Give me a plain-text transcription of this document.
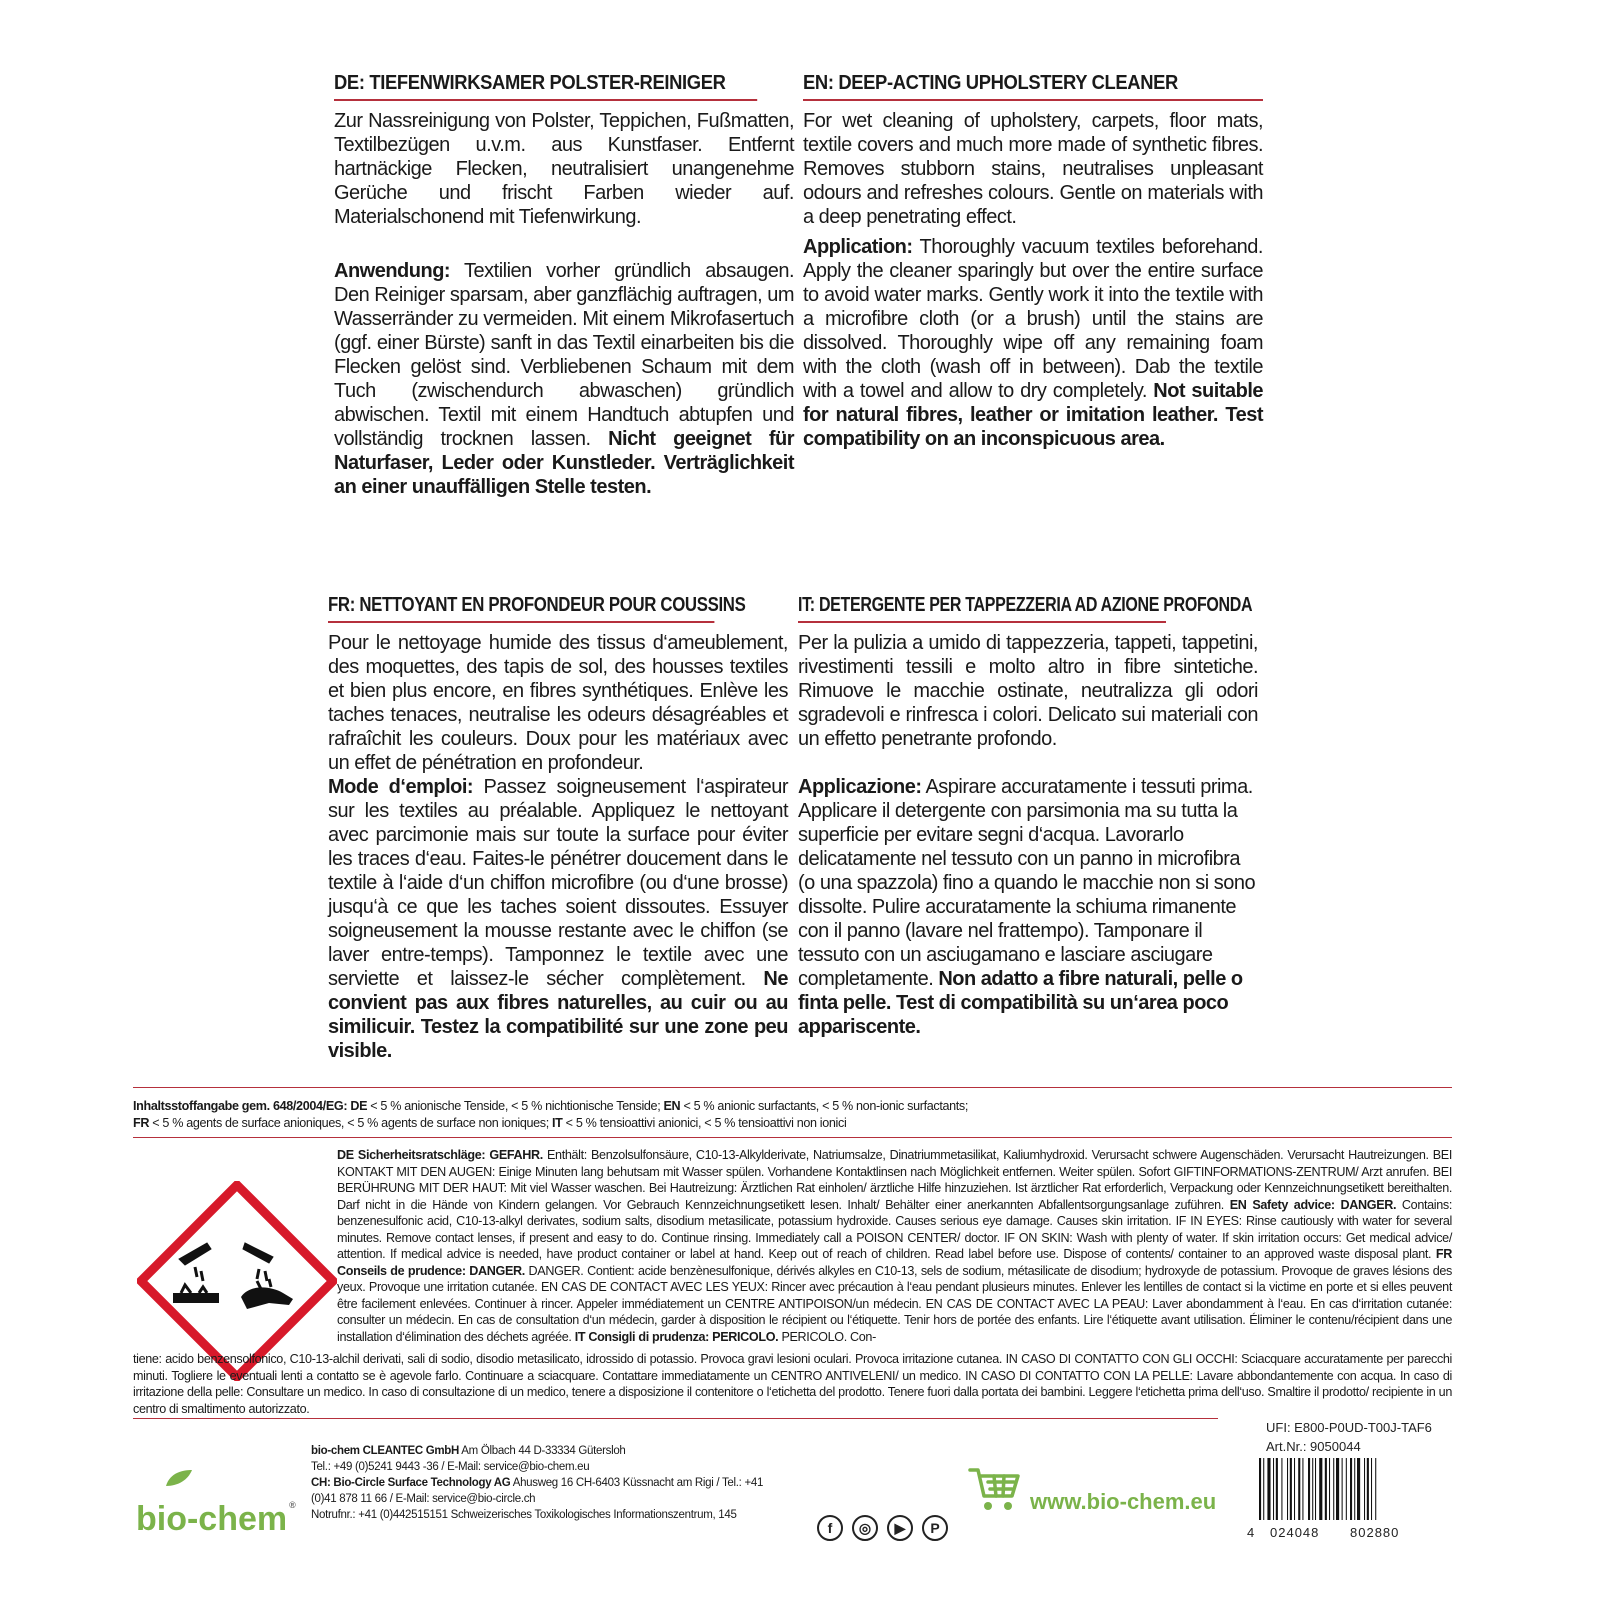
DE: TIEFENWIRKSAMER POLSTER-REINIGER

Zur Nassreinigung von Polster, Teppichen, Fußmatten, Textilbezügen u.v.m. aus Kunstfaser. Entfernt hartnäckige Flecken, neutralisiert unangenehme Gerüche und frischt Farben wieder auf. Materialschonend mit Tiefenwirkung.

Anwendung: Textilien vorher gründlich absaugen. Den Reiniger sparsam, aber ganzflächig auftragen, um Wasserränder zu vermeiden. Mit einem Mikrofasertuch (ggf. einer Bürste) sanft in das Textil einarbeiten bis die Flecken gelöst sind. Verbliebenen Schaum mit dem Tuch (zwischendurch abwaschen) gründlich abwischen. Textil mit einem Handtuch abtupfen und vollständig trocknen lassen. Nicht geeignet für Naturfaser, Leder oder Kunstleder. Verträglichkeit an einer unauffälligen Stelle testen.

EN: DEEP-ACTING UPHOLSTERY CLEANER

For wet cleaning of upholstery, carpets, floor mats, textile covers and much more made of synthetic fibres. Removes stubborn stains, neutralises unpleasant odours and refreshes colours. Gentle on materials with a deep penetrating effect.

Application: Thoroughly vacuum textiles beforehand. Apply the cleaner sparingly but over the entire surface to avoid water marks. Gently work it into the textile with a microfibre cloth (or a brush) until the stains are dissolved. Thoroughly wipe off any remaining foam with the cloth (wash off in between). Dab the textile with a towel and allow to dry completely. Not suitable for natural fibres, leather or imitation leather. Test compatibility on an inconspicuous area.

FR: NETTOYANT EN PROFONDEUR POUR COUSSINS

Pour le nettoyage humide des tissus d‘ameublement, des moquettes, des tapis de sol, des housses textiles et bien plus encore, en fibres synthétiques. Enlève les taches tenaces, neutralise les odeurs désagréables et rafraîchit les couleurs. Doux pour les matériaux avec un effet de pénétration en profondeur.

Mode d‘emploi: Passez soigneusement l‘aspirateur sur les textiles au préalable. Appliquez le nettoyant avec parcimonie mais sur toute la surface pour éviter les traces d‘eau. Faites-le pénétrer doucement dans le textile à l‘aide d‘un chiffon microfibre (ou d‘une brosse) jusqu‘à ce que les taches soient dissoutes. Essuyer soigneusement la mousse restante avec le chiffon (se laver entre-temps). Tamponnez le textile avec une serviette et laissez-le sécher complètement. Ne convient pas aux fibres naturelles, au cuir ou au similicuir. Testez la compatibilité sur une zone peu visible.

IT: DETERGENTE PER TAPPEZZERIA AD AZIONE PROFONDA

Per la pulizia a umido di tappezzeria, tappeti, tappetini, rivestimenti tessili e molto altro in fibre sintetiche. Rimuove le macchie ostinate, neutralizza gli odori sgradevoli e rinfresca i colori. Delicato sui materiali con un effetto penetrante profondo.

Applicazione: Aspirare accuratamente i tessuti prima. Applicare il detergente con parsimonia ma su tutta la superficie per evitare segni d‘acqua. Lavorarlo delicatamente nel tessuto con un panno in microfibra (o una spazzola) fino a quando le macchie non si sono dissolte. Pulire accuratamente la schiuma rimanente con il panno (lavare nel frattempo). Tamponare il tessuto con un asciugamano e lasciare asciugare completamente. Non adatto a fibre naturali, pelle o finta pelle. Test di compatibilità su un‘area poco appariscente.

Inhaltsstoffangabe gem. 648/2004/EG: DE < 5 % anionische Tenside, < 5 % nichtionische Tenside; EN < 5 % anionic surfactants, < 5 % non-ionic surfactants;
FR < 5 % agents de surface anioniques, < 5 % agents de surface non ioniques; IT < 5 % tensioattivi anionici, < 5 % tensioattivi non ionici
DE Sicherheitsratschläge: GEFAHR. Enthält: Benzolsulfonsäure, C10-13-Alkylderivate, Natriumsalze, Dinatriummetasilikat, Kaliumhydroxid. Verursacht schwere Augenschäden. Verursacht Hautreizungen. BEI KONTAKT MIT DEN AUGEN: Einige Minuten lang behutsam mit Wasser spülen. Vorhandene Kontaktlinsen nach Möglichkeit entfernen. Weiter spülen. Sofort GIFTINFORMATIONS-ZENTRUM/ Arzt anrufen. BEI BERÜHRUNG MIT DER HAUT: Mit viel Wasser waschen. Bei Hautreizung: Ärztlichen Rat einholen/ ärztliche Hilfe hinzuziehen. Ist ärztlicher Rat erforderlich, Verpackung oder Kennzeichnungsetikett bereithalten. Darf nicht in die Hände von Kindern gelangen. Vor Gebrauch Kennzeichnungsetikett lesen. Inhalt/ Behälter einer anerkannten Abfallentsorgungsanlage zuführen. EN Safety advice: DANGER. Contains: benzenesulfonic acid, C10-13-alkyl derivates, sodium salts, disodium metasilicate, potassium hydroxide. Causes serious eye damage. Causes skin irritation. IF IN EYES: Rinse cautiously with water for several minutes. Remove contact lenses, if present and easy to do. Continue rinsing. Immediately call a POISON CENTER/ doctor. IF ON SKIN: Wash with plenty of water. If skin irritation occurs: Get medical advice/ attention. If medical advice is needed, have product container or label at hand. Keep out of reach of children. Read label before use. Dispose of contents/ container to an approved waste disposal plant. FR Conseils de prudence: DANGER. DANGER. Contient: acide benzènesulfonique, dérivés alkyles en C10-13, sels de sodium, métasilicate de disodium; hydroxyde de potassium. Provoque de graves lésions des yeux. Provoque une irritation cutanée. EN CAS DE CONTACT AVEC LES YEUX: Rincer avec précaution à l‘eau pendant plusieurs minutes. Enlever les lentilles de contact si la victime en porte et si elles peuvent être facilement enlevées. Continuer à rincer. Appeler immédiatement un CENTRE ANTIPOISON/un médecin. EN CAS DE CONTACT AVEC LA PEAU: Laver abondamment à l‘eau. En cas d‘irritation cutanée: consulter un médecin. En cas de consultation d‘un médecin, garder à disposition le récipient ou l‘étiquette. Tenir hors de portée des enfants. Lire l‘étiquette avant utilisation. Éliminer le contenu/récipient dans une installation d‘élimination des déchets agréée. IT Consigli di prudenza: PERICOLO. PERICOLO. Con-
tiene: acido benzensolfonico, C10-13-alchil derivati, sali di sodio, disodio metasilicato, idrossido di potassio. Provoca gravi lesioni oculari. Provoca irritazione cutanea. IN CASO DI CONTATTO CON GLI OCCHI: Sciacquare accuratamente per parecchi minuti. Togliere le eventuali lenti a contatto se è agevole farlo. Continuare a sciacquare. Contattare immediatamente un CENTRO ANTIVELENI/ un medico. IN CASO DI CONTATTO CON LA PELLE: Lavare abbondantemente con acqua. In caso di irritazione della pelle: Consultare un medico. In caso di consultazione di un medico, tenere a disposizione il contenitore o l‘etichetta del prodotto. Tenere fuori dalla portata dei bambini. Leggere l‘etichetta prima dell‘uso. Smaltire il prodotto/ recipiente in un centro di smaltimento autorizzato.
bio-chem CLEANTEC GmbH Am Ölbach 44 D-33334 Gütersloh
Tel.: +49 (0)5241 9443 -36 / E-Mail: service@bio-chem.eu
CH: Bio-Circle Surface Technology AG Ahusweg 16 CH-6403 Küssnacht am Rigi / Tel.: +41
(0)41 878 11 66 / E-Mail: service@bio-circle.ch
Notrufnr.: +41 (0)442515151 Schweizerisches Toxikologisches Informationszentrum, 145
bio-chem ®
f	◎	▶	P
www.bio-chem.eu
UFI: E800-P0UD-T00J-TAF6
Art.Nr.: 9050044
4 024048 802880
